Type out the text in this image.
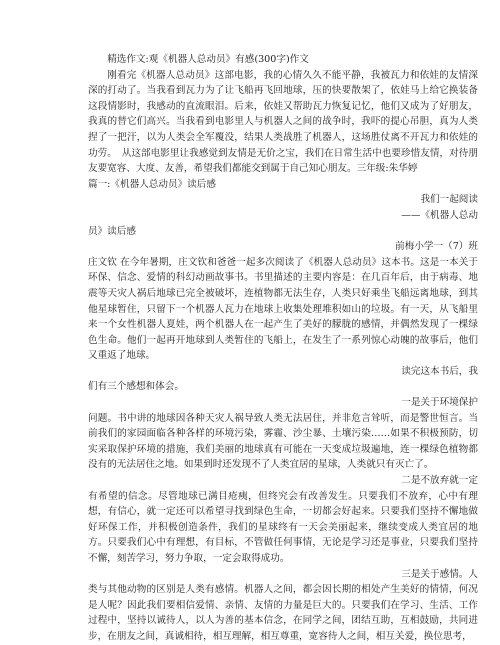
精选作文:观《机器人总动员》有感(300字)作文

刚看完《机器人总动员》这部电影，我的心情久久不能平静，我被瓦力和依娃的友情深深的打动了。当我看到瓦力为了让飞船再飞回地球，压的快要散架了，依娃马上给它换装备这段情影时，我感动的直流眼泪。后来，依娃又帮助瓦力恢复记忆，他们又成为了好朋友，我真的替它们高兴。当我看到电影里人与机器人之间的战争时，我吓的提心吊胆，真为人类捏了一把汗，以为人类会全军覆没，结果人类战胜了机器人，这场胜仗离不开瓦力和依娃的功劳。　从这部电影里让我感觉到友情是无价之宝，我们在日常生活中也要珍惜友情，对待朋友要宽容、大度、友善，希望我们都能交到属于自己知心朋友。三年级:朱华婷

篇一:《机器人总动员》读后感

我们一起阅读

——《机器人总动

员》读后感

前梅小学一（7）班

庄文钦 在今年暑期，庄文钦和爸爸一起多次阅读了《机器人总动员》这本书。这是一本关于环保、信念、爱情的科幻动画故事书。书里描述的主要内容是：在几百年后，由于病毒、地震等天灾人祸后地球已完全被破坏，连植物都无法生存，人类只好乘坐飞船远离地球，到其他星球暂住，只留下一个机器人瓦力在地球上收集处理堆积如山的垃圾。有一天，从飞船里来一个女性机器人夏娃，两个机器人在一起产生了美好的朦胧的感情，并偶然发现了一棵绿色生命。他们一起再开地球到人类暂住的飞船上，在发生了一系列惊心动魄的故事后，他们又重返了地球。

读完这本书后，我

们有三个感想和体会。

一是关于环境保护

问题。书中讲的地球因各种天灾人祸导致人类无法居住，并非危言耸听，而是警世恒言。当前我们的家园面临各种各样的环境污染，雾霾、沙尘暴、土壤污染……如果不积极预防，切实采取保护环境的措施，我们美丽的地球真有可能在一天变成垃圾遍地，连一棵绿色植物都没有的无法居住之地。如果到时还发现不了人类宜居的星球，人类就只有灭亡了。

二是不放弃就一定

有希望的信念。尽管地球已满目疮痍，但终究会有改善发生。只要我们不放弃，心中有理想，有信心，就一定还可以希望寻找到绿色生命，一切都会好起来。只要我们坚持不懈地做好环保工作，并积极创造条件，我们的星球终有一天会美丽起来，继续变成人类宜居的地方。只要我们心中有理想，有目标，不管做任何事情，无论是学习还是事业，只要我们坚持不懈，刻苦学习，努力争取，一定会取得成功。

三是关于感情。人

类与其他动物的区别是人类有感情。机器人之间，都会因长期的相处产生美好的情情，何况是人呢？因此我们要相信爱情、亲情、友情的力量是巨大的。只要我们在学习、生活、工作过程中，坚持以诚待人，以人为善的基本信念，在同学之间，团结互助，互相鼓励，共同进步，在朋友之间，真诚相待，相互理解，相互尊重，宽容待人之间，相互关爱，换位思考，
